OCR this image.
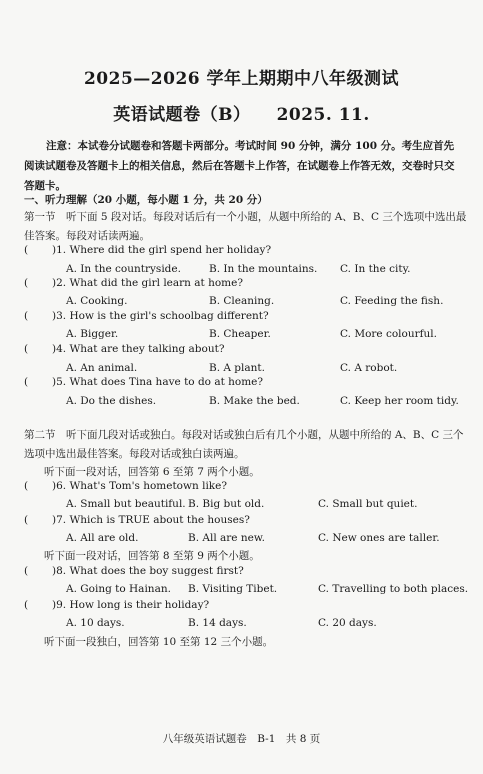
2025—2026 学年上期期中八年级测试
英语试题卷（B） 2025. 11.
注意：本试卷分试题卷和答题卡两部分。考试时间 90 分钟，满分 100 分。考生应首先阅读试题卷及答题卡上的相关信息，然后在答题卡上作答，在试题卷上作答无效，交卷时只交答题卡。
一、听力理解（20 小题，每小题 1 分，共 20 分）
第一节　听下面 5 段对话。每段对话后有一个小题，从题中所给的 A、B、C 三个选项中选出最佳答案。每段对话读两遍。
( )1. Where did the girl spend her holiday?
A. In the countryside.	B. In the mountains. C. In the city.
( )2. What did the girl learn at home?
A. Cooking.	B. Cleaning.	C. Feeding the fish.
( )3. How is the girl's schoolbag different?
A. Bigger.	B. Cheaper.	C. More colourful.
( )4. What are they talking about?
A. An animal.	B. A plant.	C. A robot.
( )5. What does Tina have to do at home?
A. Do the dishes.	B. Make the bed.	C. Keep her room tidy.
第二节　听下面几段对话或独白。每段对话或独白后有几个小题，从题中所给的 A、B、C 三个选项中选出最佳答案。每段对话或独白读两遍。
听下面一段对话，回答第 6 至第 7 两个小题。
( )6. What's Tom's hometown like?
A. Small but beautiful. B. Big but old.	C. Small but quiet.
( )7. Which is TRUE about the houses?
A. All are old.	B. All are new.	C. New ones are taller.
听下面一段对话，回答第 8 至第 9 两个小题。
( )8. What does the boy suggest first?
A. Going to Hainan. B. Visiting Tibet.	C. Travelling to both places.
( )9. How long is their holiday?
A. 10 days.	B. 14 days.	C. 20 days.
听下面一段独白，回答第 10 至第 12 三个小题。
八年级英语试题卷　B-1　共 8 页
